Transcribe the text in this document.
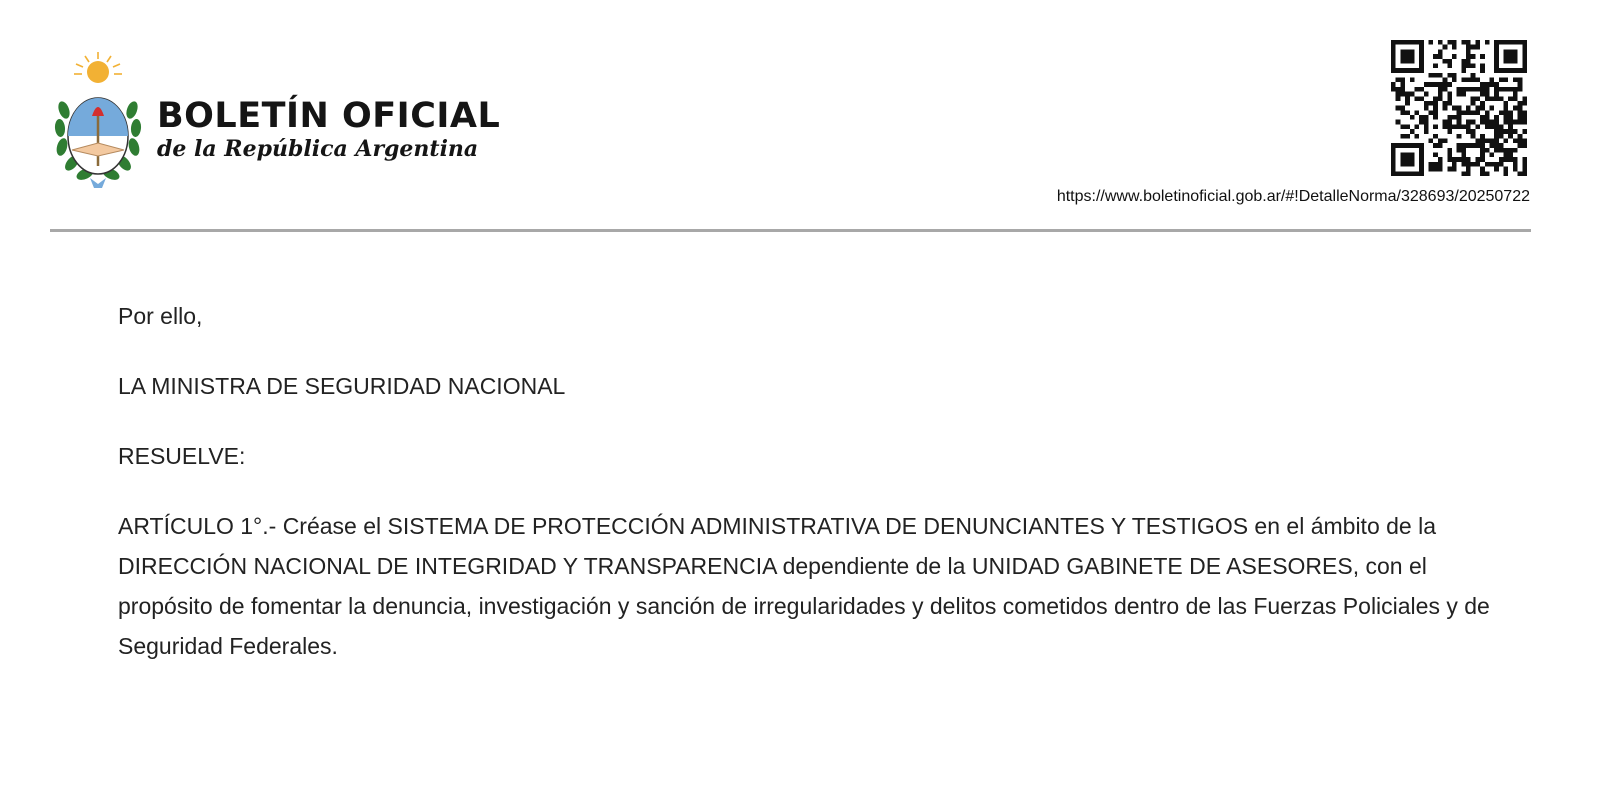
BOLETÍN OFICIAL
de la República Argentina
https://www.boletinoficial.gob.ar/#!DetalleNorma/328693/20250722

Por ello,

LA MINISTRA DE SEGURIDAD NACIONAL

RESUELVE:

ARTÍCULO 1°.- Créase el SISTEMA DE PROTECCIÓN ADMINISTRATIVA DE DENUNCIANTES Y TESTIGOS en el ámbito de la DIRECCIÓN NACIONAL DE INTEGRIDAD Y TRANSPARENCIA dependiente de la UNIDAD GABINETE DE ASESORES, con el propósito de fomentar la denuncia, investigación y sanción de irregularidades y delitos cometidos dentro de las Fuerzas Policiales y de Seguridad Federales.
